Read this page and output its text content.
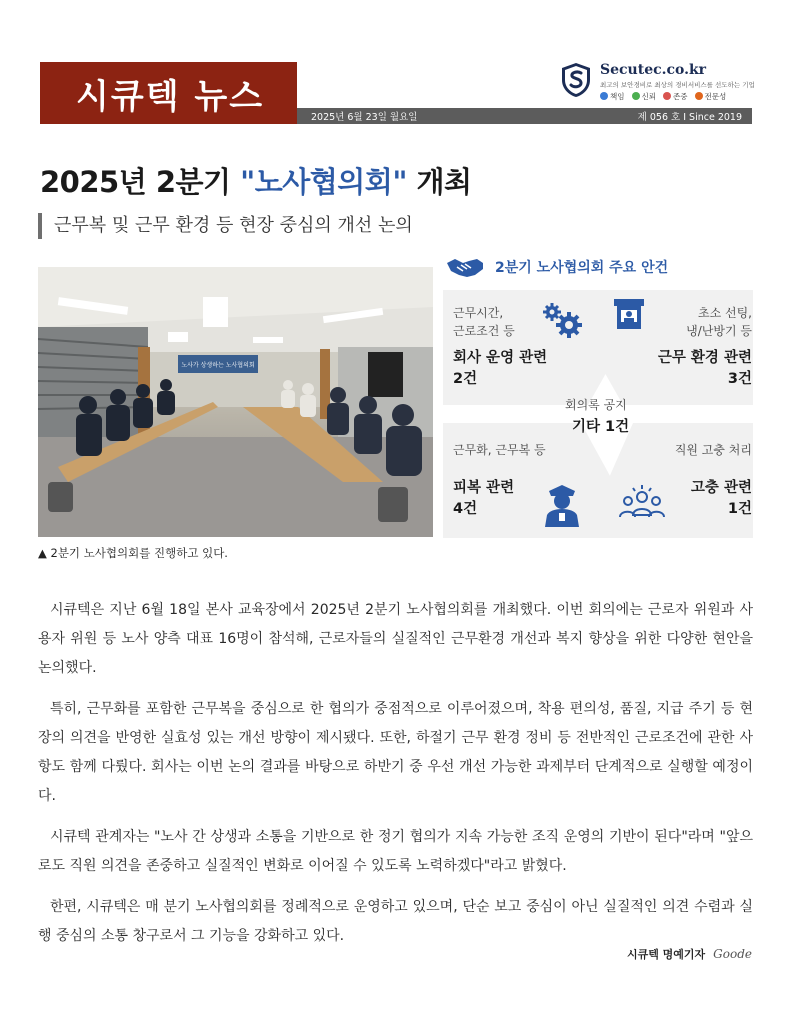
시큐텍 뉴스
2025년 6월 23일 월요일	제 056 호 I Since 2019
Secutec.co.kr
최고의 보안경비로 최상의 경비서비스를 선도하는 기업
책임	신뢰	존중	전문성
2025년 2분기 "노사협의회" 개최
근무복 및 근무 환경 등 현장 중심의 개선 논의
노사가 상생하는 노사협의회
▲ 2분기 노사협의회를 진행하고 있다.
2분기 노사협의회 주요 안건
근무시간,
근로조건 등
회사 운영 관련
2건
초소 선팅,
냉/난방기 등
근무 환경 관련
3건
회의록 공지
기타 1건
근무화, 근무복 등
피복 관련
4건
직원 고충 처리
고충 관련
1건

시큐텍은 지난 6월 18일 본사 교육장에서 2025년 2분기 노사협의회를 개최했다. 이번 회의에는 근로자 위원과 사용자 위원 등 노사 양측 대표 16명이 참석해, 근로자들의 실질적인 근무환경 개선과 복지 향상을 위한 다양한 현안을 논의했다.

특히, 근무화를 포함한 근무복을 중심으로 한 협의가 중점적으로 이루어졌으며, 착용 편의성, 품질, 지급 주기 등 현장의 의견을 반영한 실효성 있는 개선 방향이 제시됐다. 또한, 하절기 근무 환경 정비 등 전반적인 근로조건에 관한 사항도 함께 다뤘다. 회사는 이번 논의 결과를 바탕으로 하반기 중 우선 개선 가능한 과제부터 단계적으로 실행할 예정이다.

시큐텍 관계자는 "노사 간 상생과 소통을 기반으로 한 정기 협의가 지속 가능한 조직 운영의 기반이 된다"라며 "앞으로도 직원 의견을 존중하고 실질적인 변화로 이어질 수 있도록 노력하겠다"라고 밝혔다.

한편, 시큐텍은 매 분기 노사협의회를 정례적으로 운영하고 있으며, 단순 보고 중심이 아닌 실질적인 의견 수렴과 실행 중심의 소통 창구로서 그 기능을 강화하고 있다.

시큐텍 명예기자 Goode
